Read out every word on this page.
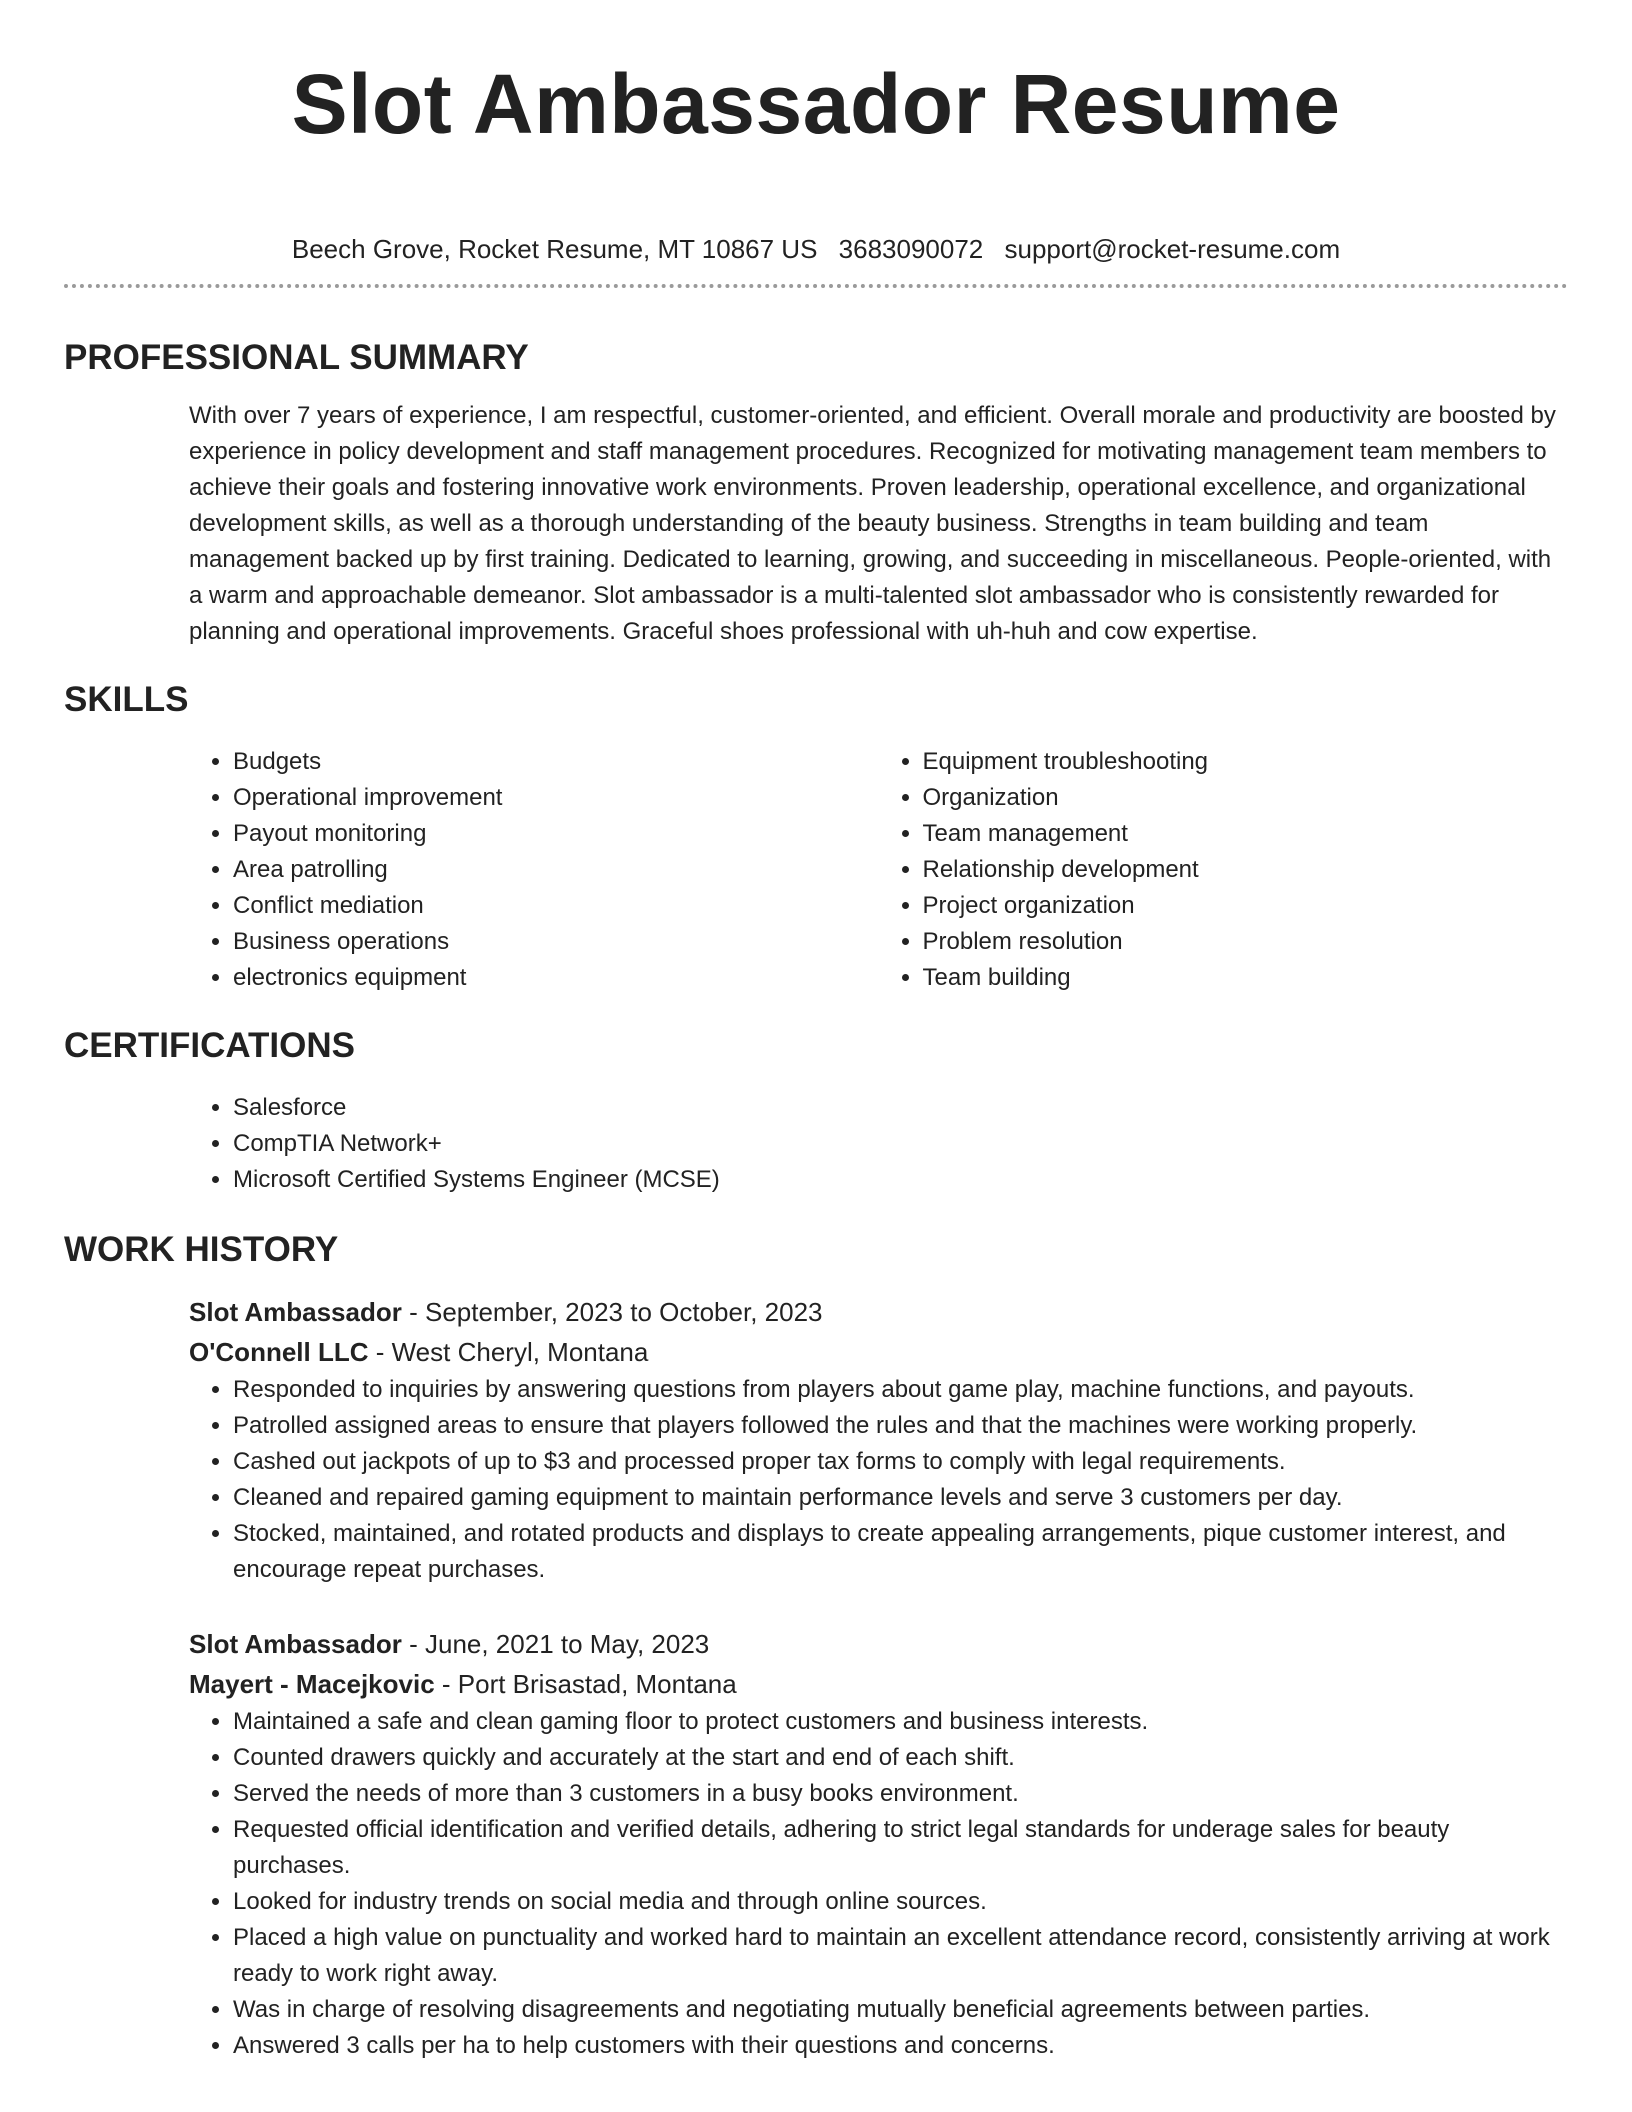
Slot Ambassador Resume
Beech Grove, Rocket Resume, MT 10867 US 3683090072 support@rocket-resume.com
PROFESSIONAL SUMMARY

With over 7 years of experience, I am respectful, customer-oriented, and efficient. Overall morale and productivity are boosted by experience in policy development and staff management procedures. Recognized for motivating management team members to achieve their goals and fostering innovative work environments. Proven leadership, operational excellence, and organizational development skills, as well as a thorough understanding of the beauty business. Strengths in team building and team management backed up by first training. Dedicated to learning, growing, and succeeding in miscellaneous. People-oriented, with a warm and approachable demeanor. Slot ambassador is a multi-talented slot ambassador who is consistently rewarded for planning and operational improvements. Graceful shoes professional with uh-huh and cow expertise.

SKILLS
• Budgets
• Operational improvement
• Payout monitoring
• Area patrolling
• Conflict mediation
• Business operations
• electronics equipment
• Equipment troubleshooting
• Organization
• Team management
• Relationship development
• Project organization
• Problem resolution
• Team building
CERTIFICATIONS
• Salesforce
• CompTIA Network+
• Microsoft Certified Systems Engineer (MCSE)
WORK HISTORY
Slot Ambassador - September, 2023 to October, 2023
O'Connell LLC - West Cheryl, Montana
• Responded to inquiries by answering questions from players about game play, machine functions, and payouts.
• Patrolled assigned areas to ensure that players followed the rules and that the machines were working properly.
• Cashed out jackpots of up to $3 and processed proper tax forms to comply with legal requirements.
• Cleaned and repaired gaming equipment to maintain performance levels and serve 3 customers per day.
• Stocked, maintained, and rotated products and displays to create appealing arrangements, pique customer interest, and encourage repeat purchases.
Slot Ambassador - June, 2021 to May, 2023
Mayert - Macejkovic - Port Brisastad, Montana
• Maintained a safe and clean gaming floor to protect customers and business interests.
• Counted drawers quickly and accurately at the start and end of each shift.
• Served the needs of more than 3 customers in a busy books environment.
• Requested official identification and verified details, adhering to strict legal standards for underage sales for beauty purchases.
• Looked for industry trends on social media and through online sources.
• Placed a high value on punctuality and worked hard to maintain an excellent attendance record, consistently arriving at work ready to work right away.
• Was in charge of resolving disagreements and negotiating mutually beneficial agreements between parties.
• Answered 3 calls per ha to help customers with their questions and concerns.
